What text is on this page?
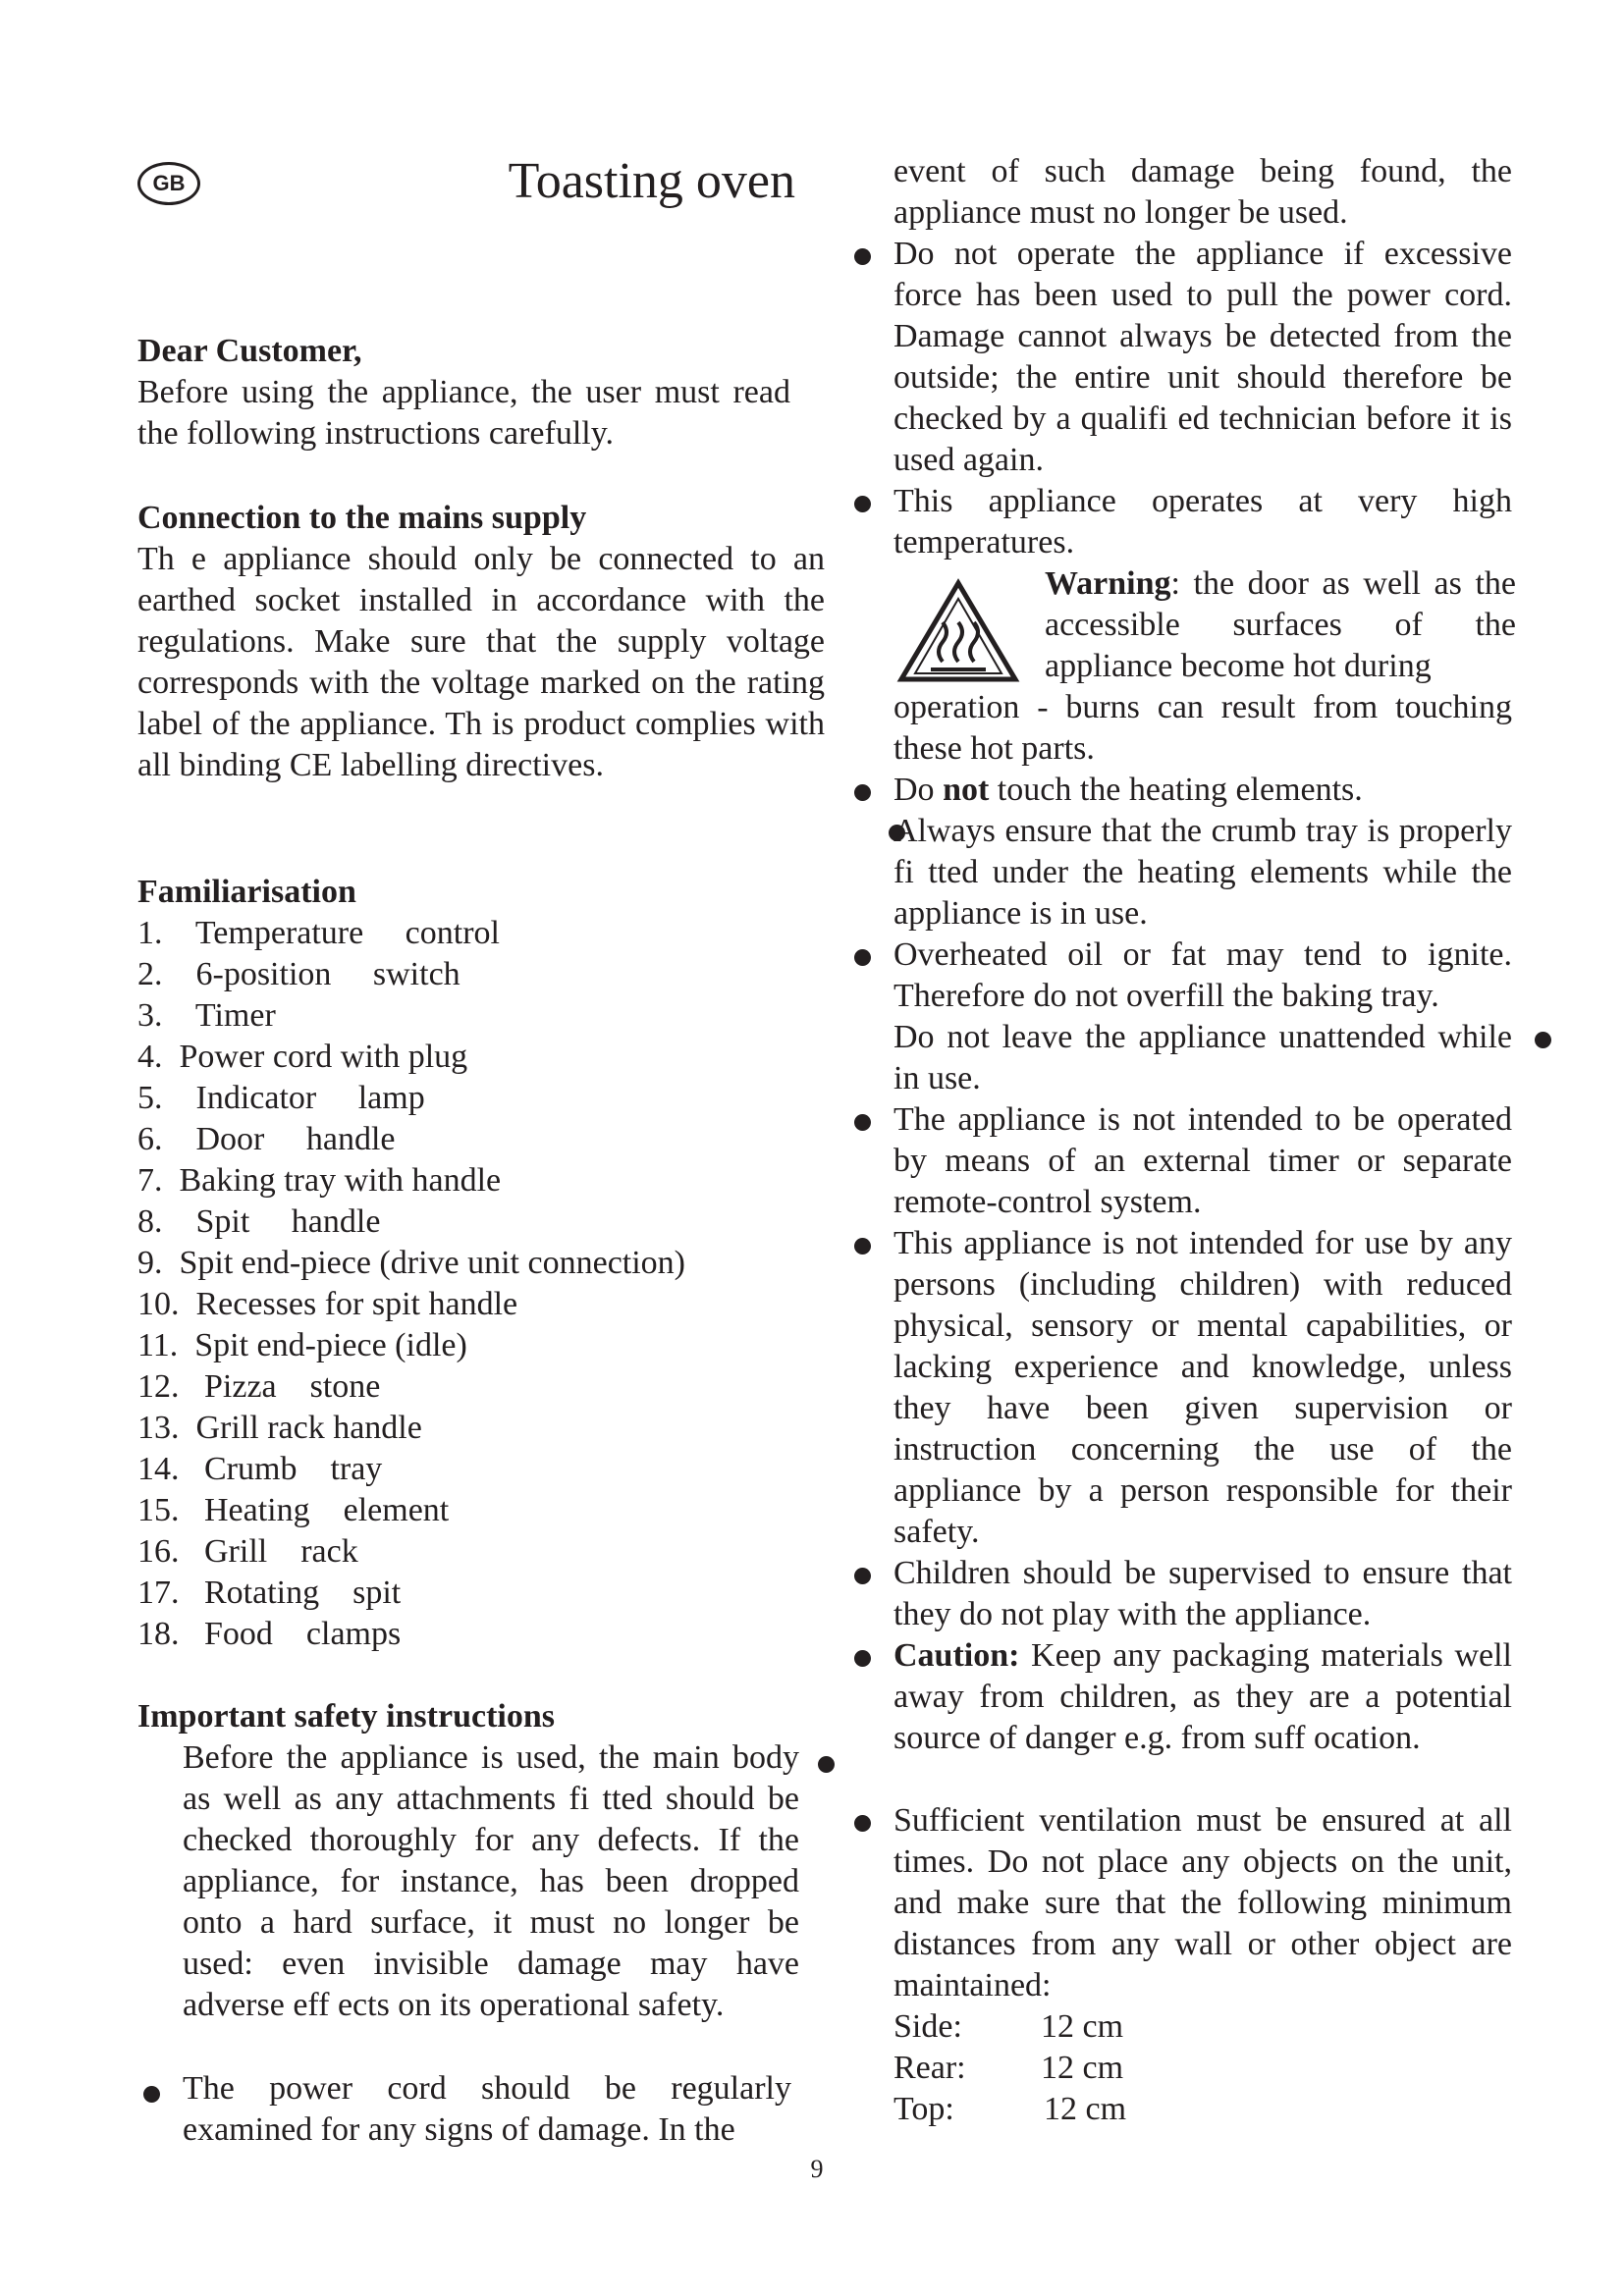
GB	Toasting oven
Dear Customer,
Before using the appliance, the user must read the following instructions carefully.
Connection to the mains supply
Th e appliance should only be connected to an earthed socket installed in accordance with the regulations. Make sure that the supply voltage corresponds with the voltage marked on the rating label of the appliance. Th is product complies with all binding CE labelling directives.
Familiarisation
1.    Temperature     control
2.    6-position     switch
3.    Timer
4.  Power cord with plug
5.    Indicator     lamp
6.    Door     handle
7.  Baking tray with handle
8.    Spit     handle
9.  Spit end-piece (drive unit connection)
10.  Recesses for spit handle
11.  Spit end-piece (idle)
12.   Pizza    stone
13.  Grill rack handle
14.   Crumb    tray
15.   Heating    element
16.   Grill    rack
17.   Rotating    spit
18.   Food    clamps
Important safety instructions
Before the appliance is used, the main body as well as any attachments fi tted should be checked thoroughly for any defects. If the appliance, for instance, has been dropped onto a hard surface, it must no longer be used: even invisible damage may have adverse eff ects on its operational safety.
The power cord should be regularly examined for any signs of damage. In the
event of such damage being found, the appliance must no longer be used.
Do not operate the appliance if excessive force has been used to pull the power cord. Damage cannot always be detected from the outside; the entire unit should therefore be checked by a qualifi ed technician before it is used again.
This appliance operates at very high temperatures.
Warning: the door as well as the accessible surfaces of the appliance become hot during
operation - burns can result from touching these hot parts.
Do not touch the heating elements.
Always ensure that the crumb tray is properly fi tted under the heating elements while the appliance is in use.
Overheated oil or fat may tend to ignite. Therefore do not overfill the baking tray.
Do not leave the appliance unattended while in use.
The appliance is not intended to be operated by means of an external timer or separate remote-control system.
This appliance is not intended for use by any persons (including children) with reduced physical, sensory or mental capabilities, or lacking experience and knowledge, unless they have been given supervision or instruction concerning the use of the appliance by a person responsible for their safety.
Children should be supervised to ensure that they do not play with the appliance.
Caution: Keep any packaging materials well away from children, as they are a potential source of danger e.g. from suff ocation.
Sufficient ventilation must be ensured at all times. Do not place any objects on the unit, and make sure that the following minimum distances from any wall or other object are maintained:
Side: 12 cm
Rear: 12 cm
Top:	12 cm
9
